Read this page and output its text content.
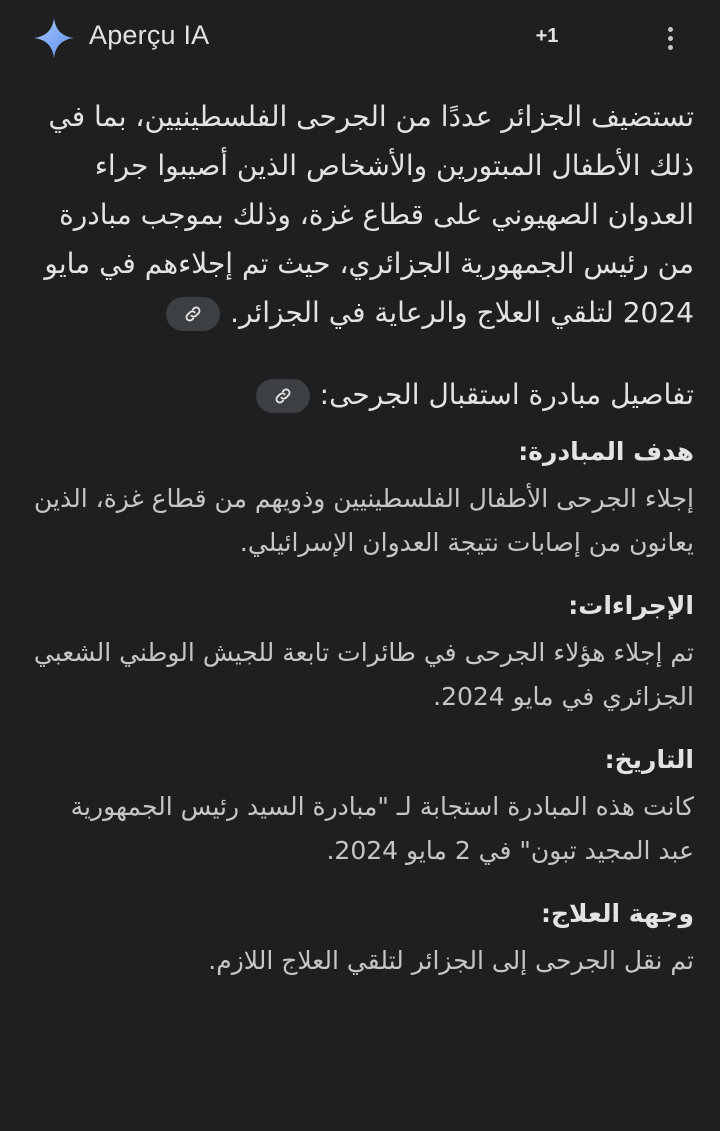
Aperçu IA	+1

تستضيف الجزائر عددًا من الجرحى الفلسطينيين، بما في ذلك الأطفال المبتورين والأشخاص الذين أصيبوا جراء العدوان الصهيوني على قطاع غزة، وذلك بموجب مبادرة من رئيس الجمهورية الجزائري، حيث تم إجلاءهم في مايو 2024 لتلقي العلاج والرعاية في الجزائر.

تفاصيل مبادرة استقبال الجرحى:
هدف المبادرة:

إجلاء الجرحى الأطفال الفلسطينيين وذويهم من قطاع غزة، الذين يعانون من إصابات نتيجة العدوان الإسرائيلي.

الإجراءات:

تم إجلاء هؤلاء الجرحى في طائرات تابعة للجيش الوطني الشعبي الجزائري في مايو 2024.

التاريخ:

كانت هذه المبادرة استجابة لـ "مبادرة السيد رئيس الجمهورية عبد المجيد تبون" في 2 مايو 2024.

وجهة العلاج:

تم نقل الجرحى إلى الجزائر لتلقي العلاج اللازم.
